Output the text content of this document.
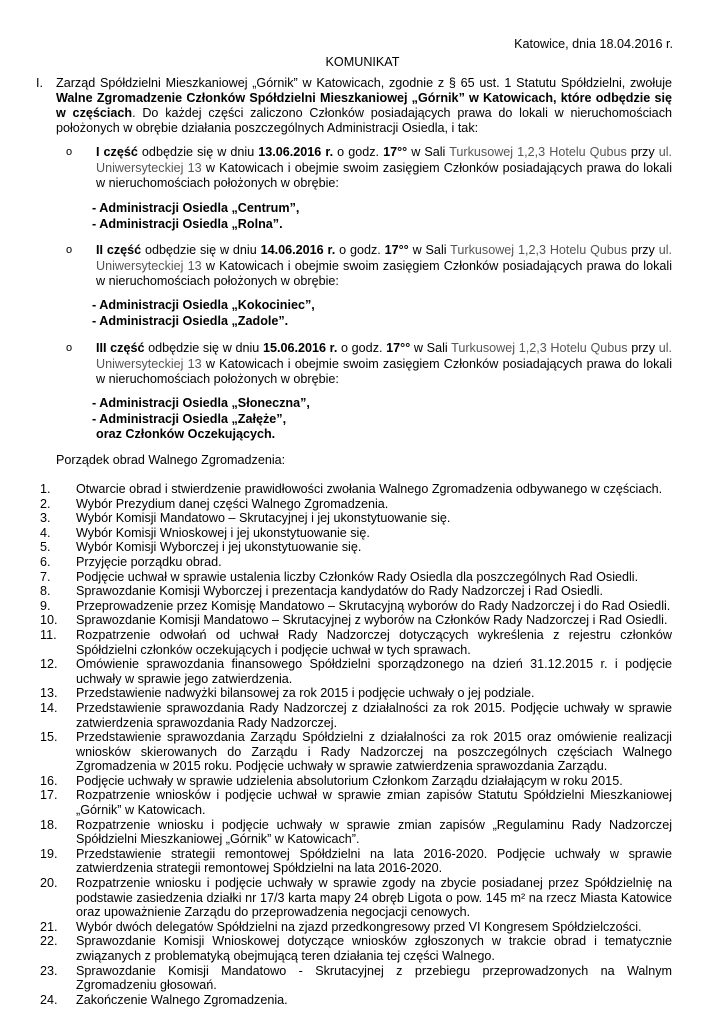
Katowice, dnia 18.04.2016 r.
KOMUNIKAT
I. Zarząd Spółdzielni Mieszkaniowej „Górnik” w Katowicach, zgodnie z § 65 ust. 1 Statutu Spółdzielni, zwołuje Walne Zgromadzenie Członków Spółdzielni Mieszkaniowej „Górnik” w Katowicach, które odbędzie się w częściach. Do każdej części zaliczono Członków posiadających prawa do lokali w nieruchomościach położonych w obrębie działania poszczególnych Administracji Osiedla, i tak:
o I część odbędzie się w dniu 13.06.2016 r. o godz. 17°° w Sali Turkusowej 1,2,3 Hotelu Qubus przy ul. Uniwersyteckiej 13 w Katowicach i obejmie swoim zasięgiem Członków posiadających prawa do lokali w nieruchomościach położonych w obrębie:
- Administracji Osiedla „Centrum”,
- Administracji Osiedla „Rolna”.
o II część odbędzie się w dniu 14.06.2016 r. o godz. 17°° w Sali Turkusowej 1,2,3 Hotelu Qubus przy ul. Uniwersyteckiej 13 w Katowicach i obejmie swoim zasięgiem Członków posiadających prawa do lokali w nieruchomościach położonych w obrębie:
- Administracji Osiedla „Kokociniec”,
- Administracji Osiedla „Zadole”.
o III część odbędzie się w dniu 15.06.2016 r. o godz. 17°° w Sali Turkusowej 1,2,3 Hotelu Qubus przy ul. Uniwersyteckiej 13 w Katowicach i obejmie swoim zasięgiem Członków posiadających prawa do lokali w nieruchomościach położonych w obrębie:
- Administracji Osiedla „Słoneczna”,
- Administracji Osiedla „Załęże”,
oraz Członków Oczekujących.
Porządek obrad Walnego Zgromadzenia:
1. Otwarcie obrad i stwierdzenie prawidłowości zwołania Walnego Zgromadzenia odbywanego w częściach.
2. Wybór Prezydium danej części Walnego Zgromadzenia.
3. Wybór Komisji Mandatowo – Skrutacyjnej i jej ukonstytuowanie się.
4. Wybór Komisji Wnioskowej i jej ukonstytuowanie się.
5. Wybór Komisji Wyborczej i jej ukonstytuowanie się.
6. Przyjęcie porządku obrad.
7. Podjęcie uchwał w sprawie ustalenia liczby Członków Rady Osiedla dla poszczególnych Rad Osiedli.
8. Sprawozdanie Komisji Wyborczej i prezentacja kandydatów do Rady Nadzorczej i Rad Osiedli.
9. Przeprowadzenie przez Komisję Mandatowo – Skrutacyjną wyborów do Rady Nadzorczej i do Rad Osiedli.
10. Sprawozdanie Komisji Mandatowo – Skrutacyjnej z wyborów na Członków Rady Nadzorczej i Rad Osiedli.
11. Rozpatrzenie odwołań od uchwał Rady Nadzorczej dotyczących wykreślenia z rejestru członków Spółdzielni członków oczekujących i podjęcie uchwał w tych sprawach.
12. Omówienie sprawozdania finansowego Spółdzielni sporządzonego na dzień 31.12.2015 r. i podjęcie uchwały w sprawie jego zatwierdzenia.
13. Przedstawienie nadwyżki bilansowej za rok 2015 i podjęcie uchwały o jej podziale.
14. Przedstawienie sprawozdania Rady Nadzorczej z działalności za rok 2015. Podjęcie uchwały w sprawie zatwierdzenia sprawozdania Rady Nadzorczej.
15. Przedstawienie sprawozdania Zarządu Spółdzielni z działalności za rok 2015 oraz omówienie realizacji wniosków skierowanych do Zarządu i Rady Nadzorczej na poszczególnych częściach Walnego Zgromadzenia w 2015 roku. Podjęcie uchwały w sprawie zatwierdzenia sprawozdania Zarządu.
16. Podjęcie uchwały w sprawie udzielenia absolutorium Członkom Zarządu działającym w roku 2015.
17. Rozpatrzenie wniosków i podjęcie uchwał w sprawie zmian zapisów Statutu Spółdzielni Mieszkaniowej „Górnik” w Katowicach.
18. Rozpatrzenie wniosku i podjęcie uchwały w sprawie zmian zapisów „Regulaminu Rady Nadzorczej Spółdzielni Mieszkaniowej „Górnik” w Katowicach”.
19. Przedstawienie strategii remontowej Spółdzielni na lata 2016-2020. Podjęcie uchwały w sprawie zatwierdzenia strategii remontowej Spółdzielni na lata 2016-2020.
20. Rozpatrzenie wniosku i podjęcie uchwały w sprawie zgody na zbycie posiadanej przez Spółdzielnię na podstawie zasiedzenia działki nr 17/3 karta mapy 24 obręb Ligota o pow. 145 m² na rzecz Miasta Katowice oraz upoważnienie Zarządu do przeprowadzenia negocjacji cenowych.
21. Wybór dwóch delegatów Spółdzielni na zjazd przedkongresowy przed VI Kongresem Spółdzielczości.
22. Sprawozdanie Komisji Wnioskowej dotyczące wniosków zgłoszonych w trakcie obrad i tematycznie związanych z problematyką obejmującą teren działania tej części Walnego.
23. Sprawozdanie Komisji Mandatowo - Skrutacyjnej z przebiegu przeprowadzonych na Walnym Zgromadzeniu głosowań.
24. Zakończenie Walnego Zgromadzenia.
